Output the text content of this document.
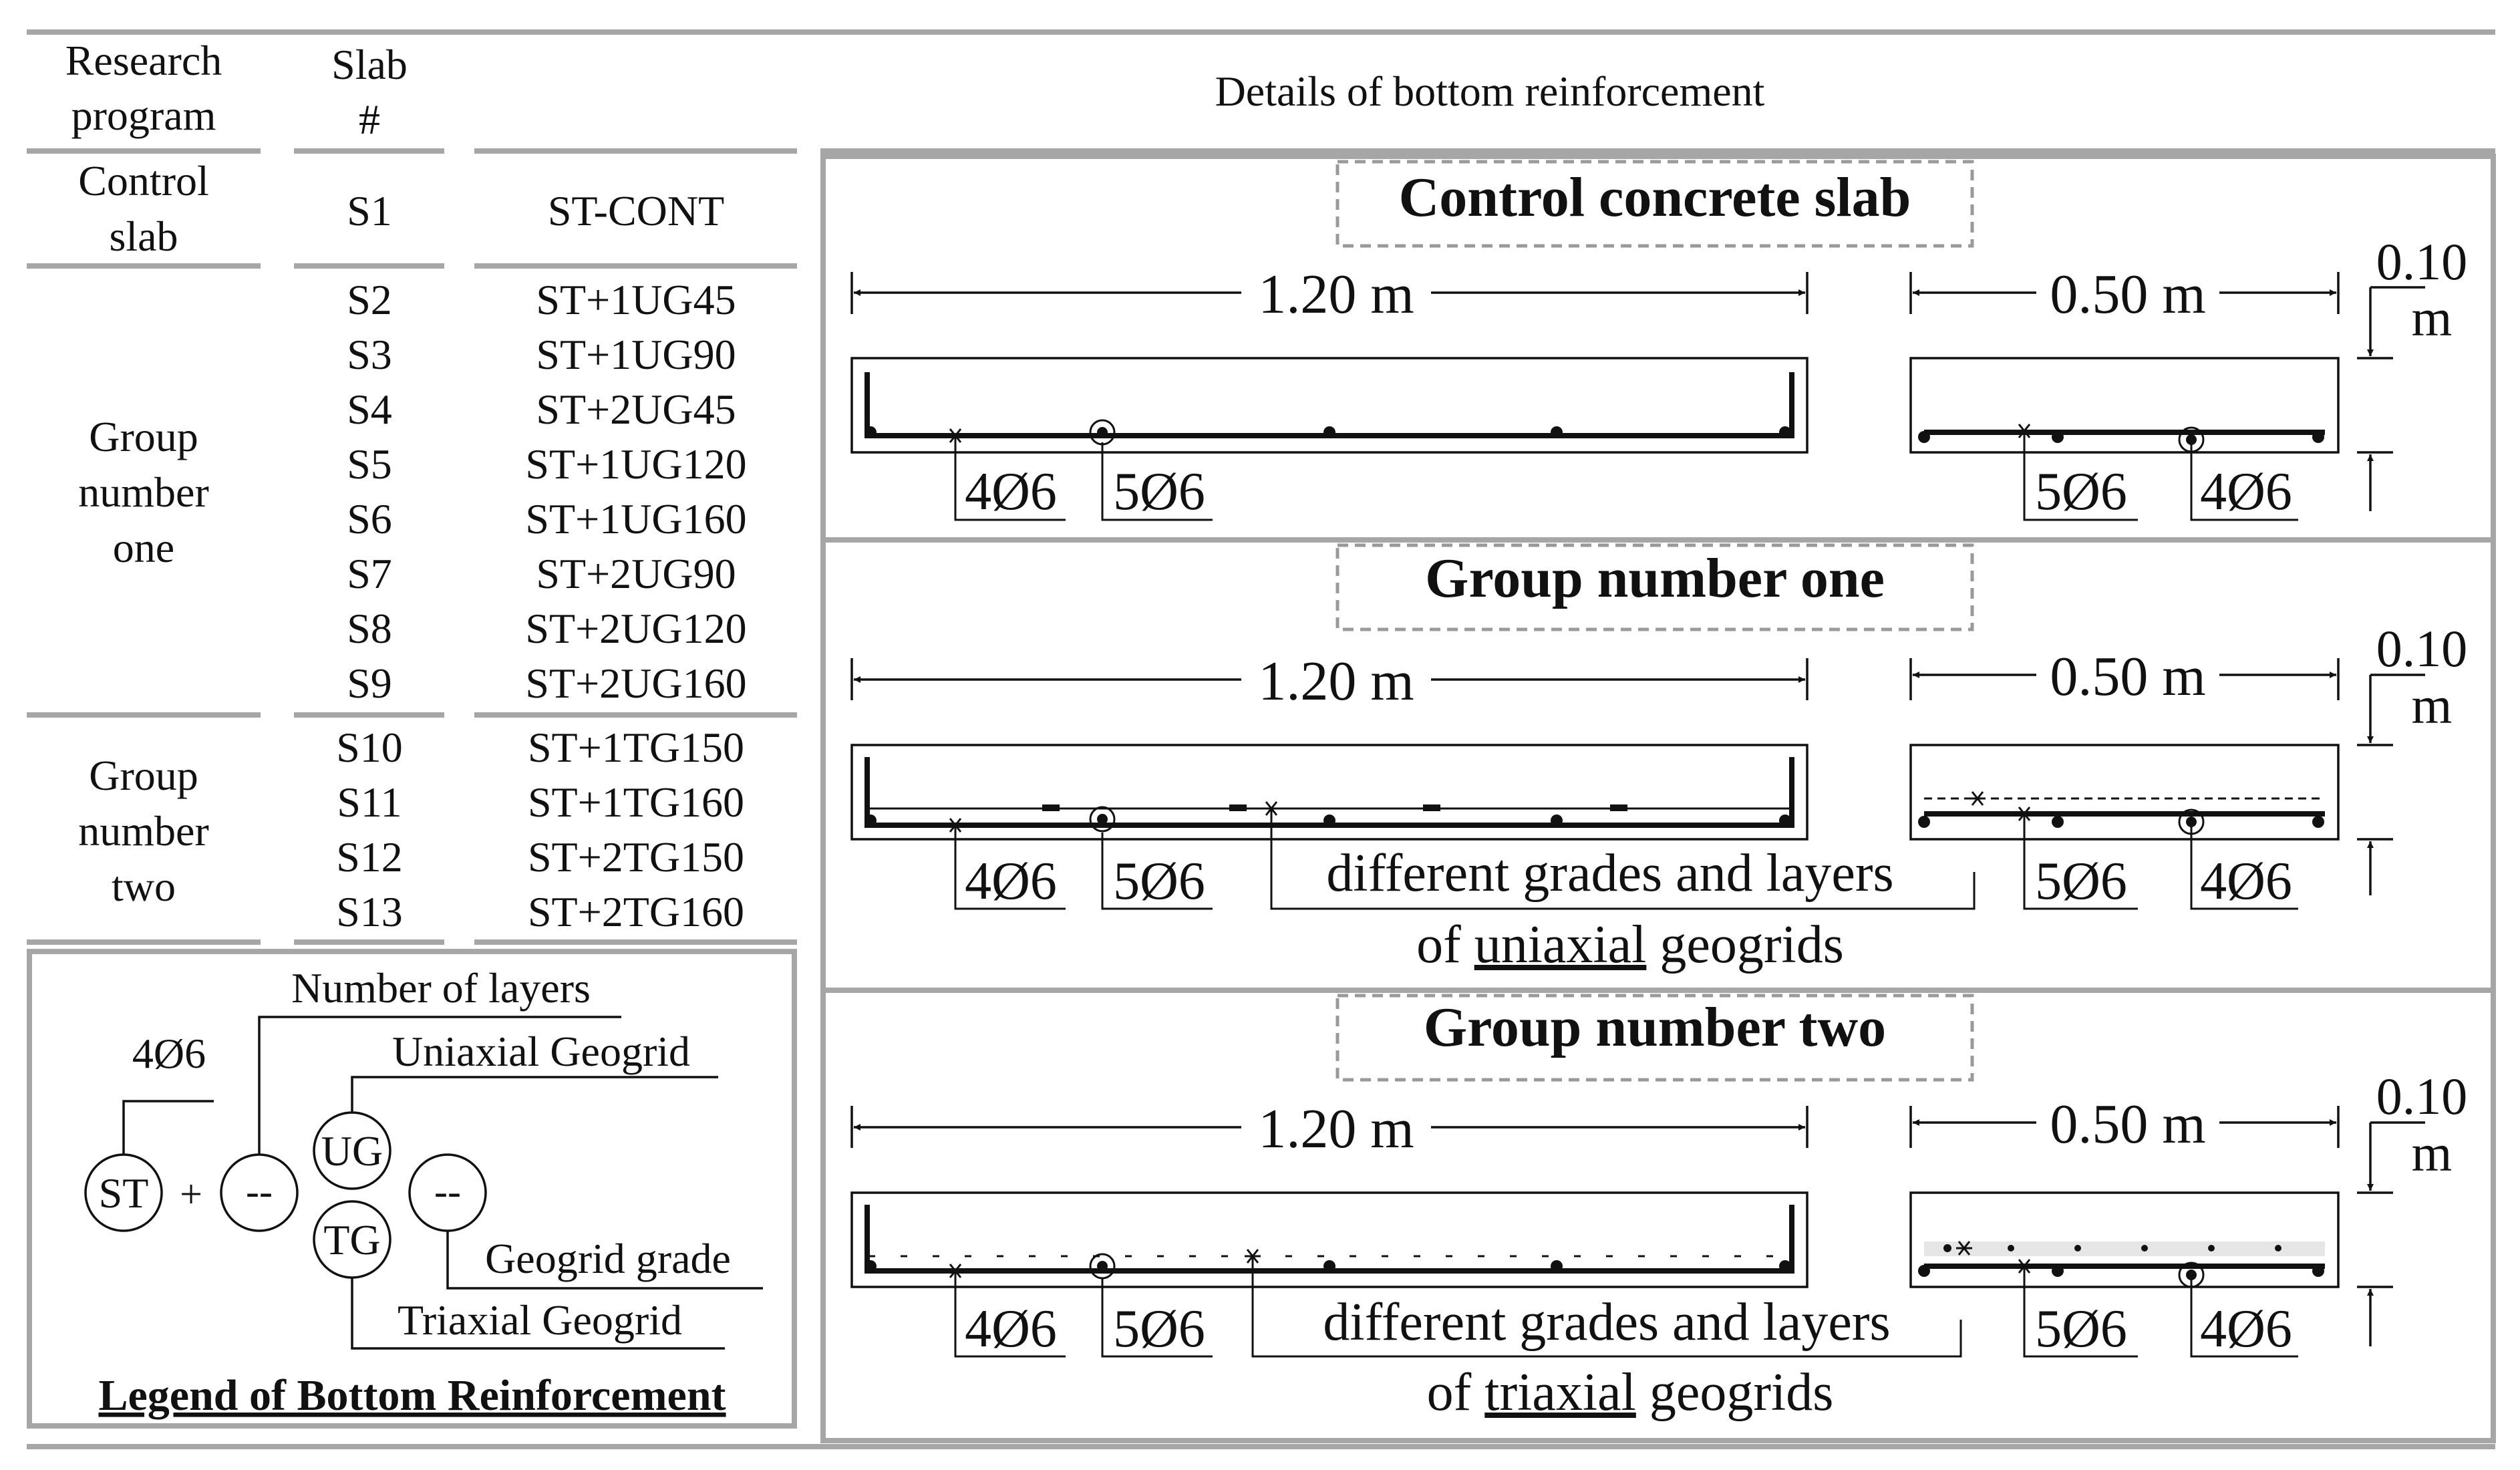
Research
program
Slab
#
Details of bottom reinforcement
Control
slab
S1	ST-CONT
Group
number
one
S2	ST+1UG45
S3	ST+1UG90
S4	ST+2UG45
S5	ST+1UG120
S6	ST+1UG160
S7	ST+2UG90
S8	ST+2UG120
S9	ST+2UG160
Group
number
two
S10	ST+1TG150
S11	ST+1TG160
S12	ST+2TG150
S13	ST+2TG160
Number of layers
4Ø6	Uniaxial Geogrid
ST + --
UG
TG
--
Geogrid grade
Triaxial Geogrid
Legend of Bottom Reinforcement
Control concrete slab
1.20 m	0.50 m
0.10
m
4Ø6 5Ø6	5Ø6 4Ø6
Group number one
1.20 m	0.50 m	0.10
m
4Ø6 5Ø6	5Ø6 4Ø6
different grades and layers
of uniaxial geogrids
Group number two
1.20 m	0.50 m	0.10
m
4Ø6 5Ø6	5Ø6 4Ø6
different grades and layers
of triaxial geogrids
